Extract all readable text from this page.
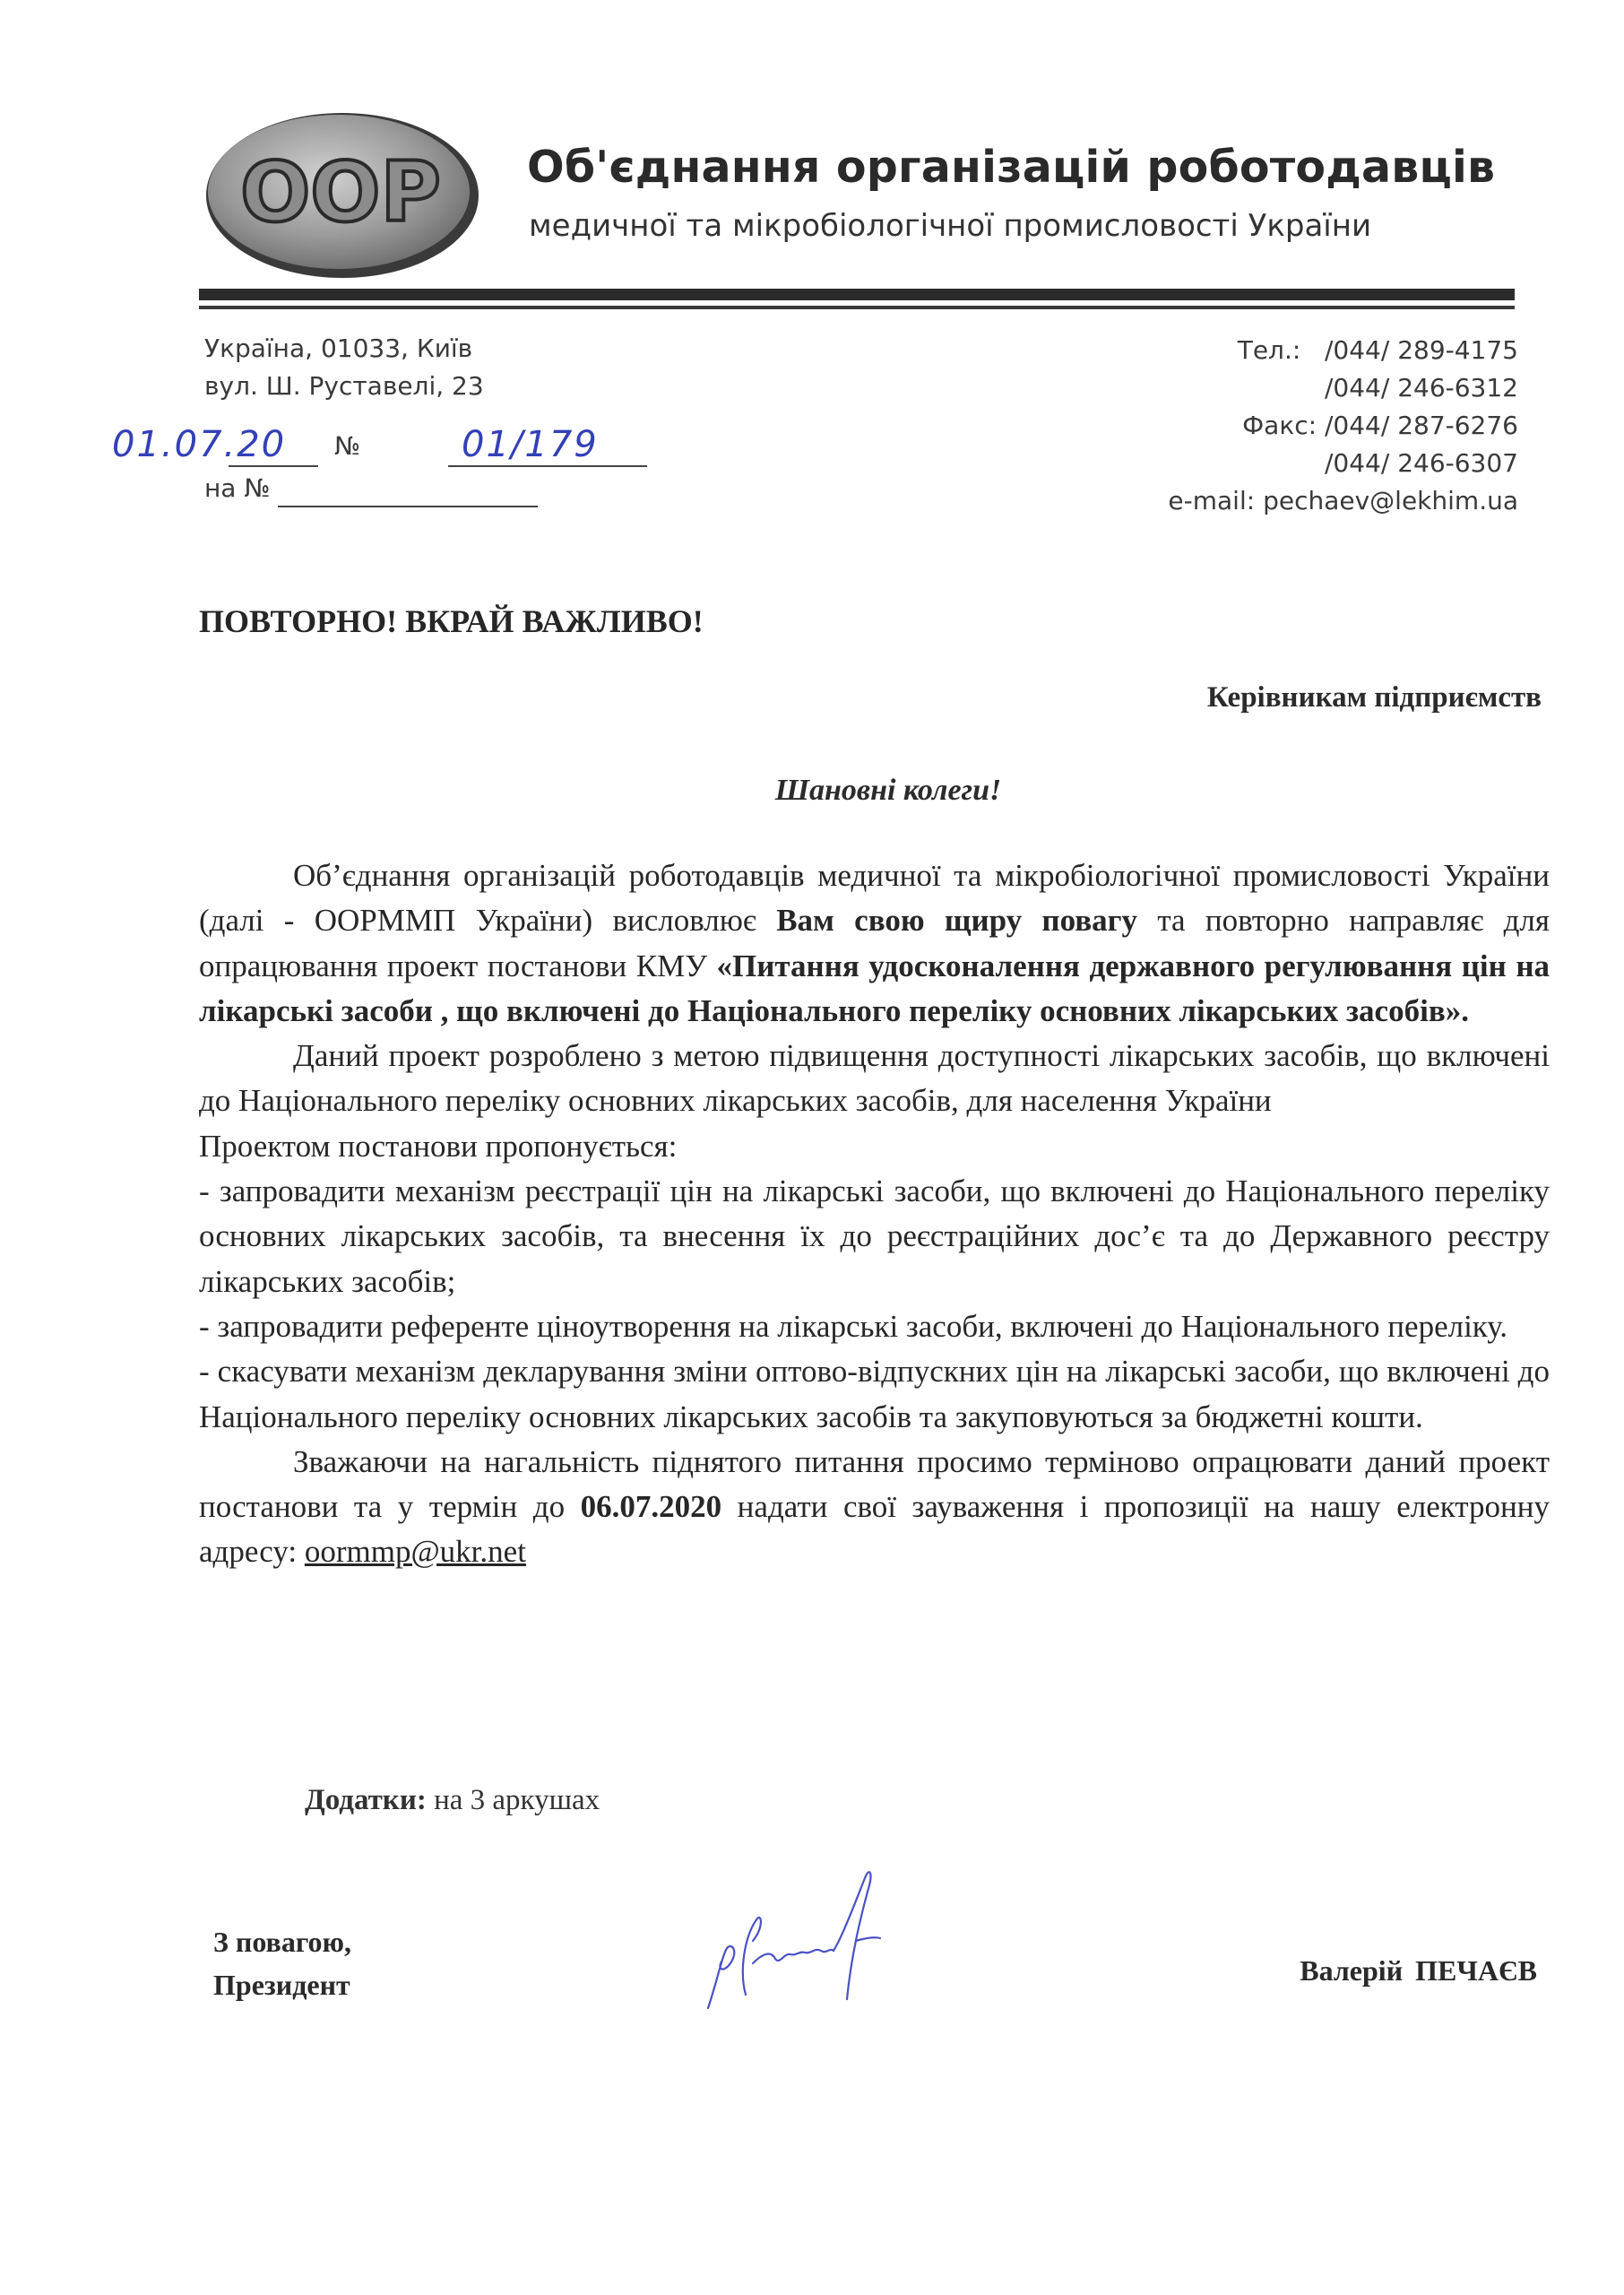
OOP Об'єднання організацій роботодавців
медичної та мікробіологічної промисловості України
Україна, 01033, Київ
вул. Ш. Руставелі, 23
Тел.: /044/ 289-4175
/044/ 246-6312
Факс: /044/ 287-6276
/044/ 246-6307
e-mail: pechaev@lekhim.ua
01.07.20 №	01/179
на №
ПОВТОРНО! ВКРАЙ ВАЖЛИВО!
Керівникам підприємств
Шановні колеги!

Об’єднання організацій роботодавців медичної та мікробіологічної промисловості України (далі - ООРММП України) висловлює Вам свою щиру повагу та повторно направляє для опрацювання проект постанови КМУ «Питання удосконалення державного регулювання цін на лікарські засоби , що включені до Національного переліку основних лікарських засобів».

Даний проект розроблено з метою підвищення доступності лікарських засобів, що включені до Національного переліку основних лікарських засобів, для населення України

Проектом постанови пропонується:

- запровадити механізм реєстрації цін на лікарські засоби, що включені до Національного переліку основних лікарських засобів, та внесення їх до реєстраційних дос’є та до Державного реєстру лікарських засобів;

- запровадити референте ціноутворення на лікарські засоби, включені до Національного переліку.

- скасувати механізм декларування зміни оптово-відпускних цін на лікарські засоби, що включені до Національного переліку основних лікарських засобів та закуповуються за бюджетні кошти.

Зважаючи на нагальність піднятого питання просимо терміново опрацювати даний проект постанови та у термін до 06.07.2020 надати свої зауваження і пропозиції на нашу електронну адресу: oormmp@ukr.net

Додатки: на 3 аркушах
З повагою,
Президент	Валерій ПЕЧАЄВ
